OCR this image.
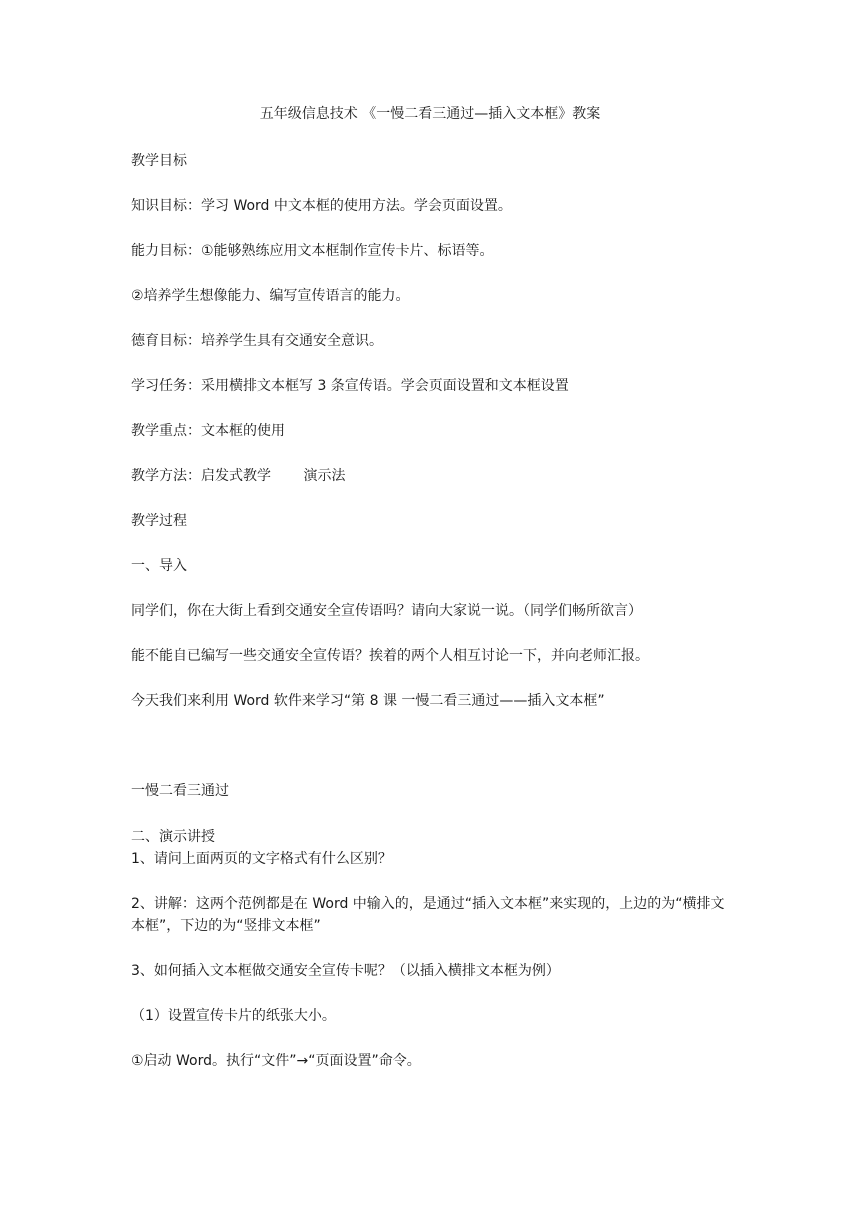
五年级信息技术 《一慢二看三通过—插入文本框》教案
教学目标
知识目标：学习 Word 中文本框的使用方法。学会页面设置。
能力目标：①能够熟练应用文本框制作宣传卡片、标语等。
②培养学生想像能力、编写宣传语言的能力。
德育目标：培养学生具有交通安全意识。
学习任务：采用横排文本框写 3 条宣传语。学会页面设置和文本框设置
教学重点：文本框的使用
教学方法：启发式教学　　 演示法
教学过程
一、导入
同学们，你在大街上看到交通安全宣传语吗？请向大家说一说。（同学们畅所欲言）
能不能自已编写一些交通安全宣传语？挨着的两个人相互讨论一下，并向老师汇报。
今天我们来利用 Word 软件来学习“第 8 课 一慢二看三通过——插入文本框”
一慢二看三通过
二、演示讲授
1、请问上面两页的文字格式有什么区别？
2、讲解：这两个范例都是在 Word 中输入的，是通过“插入文本框”来实现的，上边的为“横排文本框”，下边的为“竖排文本框”
3、如何插入文本框做交通安全宣传卡呢？（以插入横排文本框为例）
（1）设置宣传卡片的纸张大小。
①启动 Word。执行“文件”→“页面设置”命令。
